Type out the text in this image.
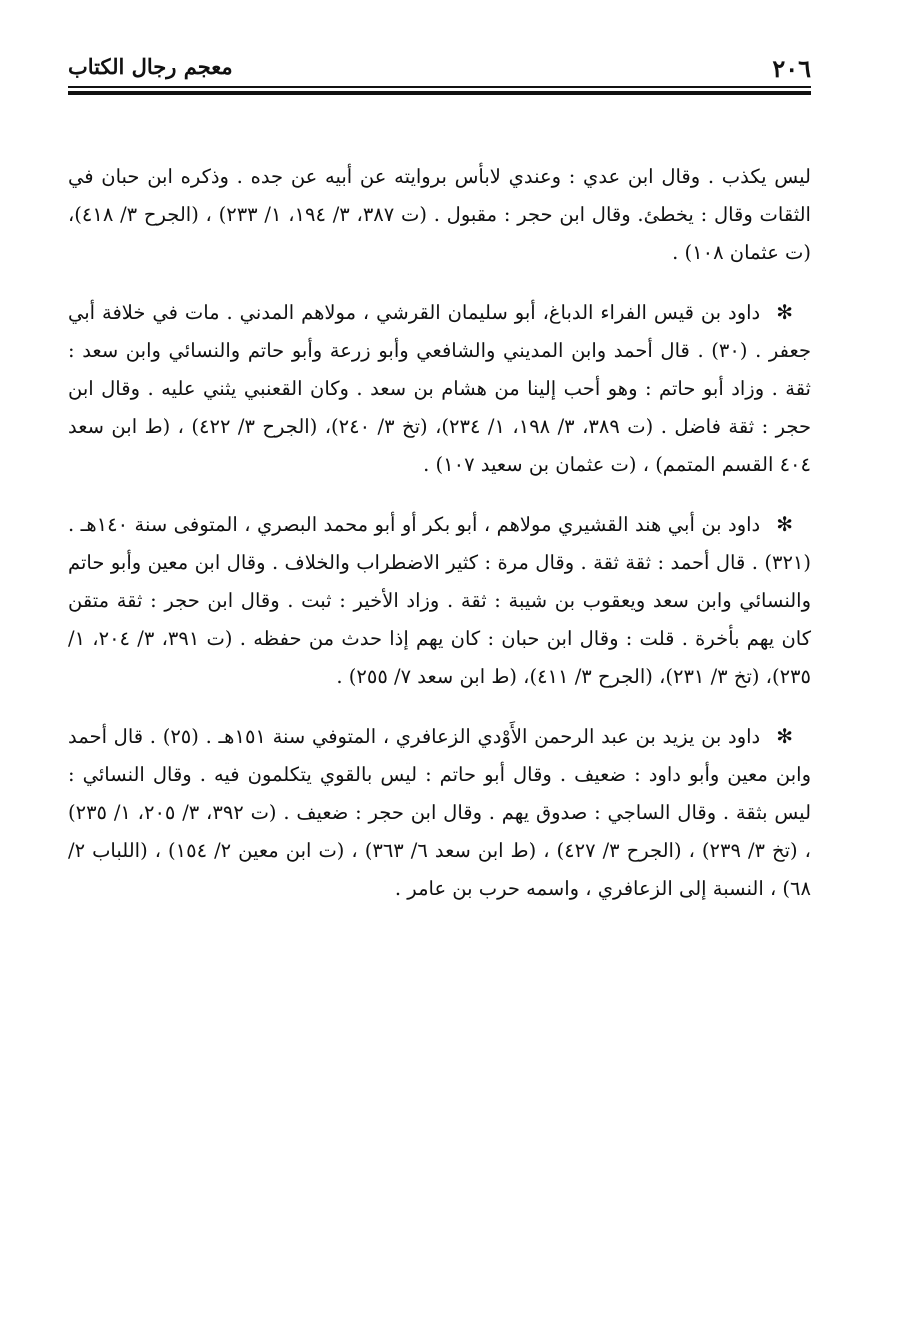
٢٠٦
معجم رجال الكتاب

ليس يكذب . وقال ابن عدي : وعندي لابأس بروايته عن أبيه عن جده . وذكره ابن حبان في الثقات وقال : يخطئ. وقال ابن حجر : مقبول . (ت ٣٨٧، ٣/ ١٩٤، ١/ ٢٣٣) ، (الجرح ٣/ ٤١٨)، (ت عثمان ١٠٨) .

✻داود بن قيس الفراء الدباغ، أبو سليمان القرشي ، مولاهم المدني . مات في خلافة أبي جعفر . (٣٠) . قال أحمد وابن المديني والشافعي وأبو زرعة وأبو حاتم والنسائي وابن سعد : ثقة . وزاد أبو حاتم : وهو أحب إلينا من هشام بن سعد . وكان القعنبي يثني عليه . وقال ابن حجر : ثقة فاضل . (ت ٣٨٩، ٣/ ١٩٨، ١/ ٢٣٤)، (تخ ٣/ ٢٤٠)، (الجرح ٣/ ٤٢٢) ، (ط ابن سعد ٤٠٤ القسم المتمم) ، (ت عثمان بن سعيد ١٠٧) .

✻داود بن أبي هند القشيري مولاهم ، أبو بكر أو أبو محمد البصري ، المتوفى سنة ١٤٠هـ . (٣٢١) . قال أحمد : ثقة ثقة . وقال مرة : كثير الاضطراب والخلاف . وقال ابن معين وأبو حاتم والنسائي وابن سعد ويعقوب بن شيبة : ثقة . وزاد الأخير : ثبت . وقال ابن حجر : ثقة متقن كان يهم بأخرة . قلت : وقال ابن حبان : كان يهم إذا حدث من حفظه . (ت ٣٩١، ٣/ ٢٠٤، ١/ ٢٣٥)، (تخ ٣/ ٢٣١)، (الجرح ٣/ ٤١١)، (ط ابن سعد ٧/ ٢٥٥) .

✻داود بن يزيد بن عبد الرحمن الأَوْدي الزعافري ، المتوفي سنة ١٥١هـ . (٢٥) . قال أحمد وابن معين وأبو داود : ضعيف . وقال أبو حاتم : ليس بالقوي يتكلمون فيه . وقال النسائي : ليس بثقة . وقال الساجي : صدوق يهم . وقال ابن حجر : ضعيف . (ت ٣٩٢، ٣/ ٢٠٥، ١/ ٢٣٥) ، (تخ ٣/ ٢٣٩) ، (الجرح ٣/ ٤٢٧) ، (ط ابن سعد ٦/ ٣٦٣) ، (ت ابن معين ٢/ ١٥٤) ، (اللباب ٢/ ٦٨) ، النسبة إلى الزعافري ، واسمه حرب بن عامر .
